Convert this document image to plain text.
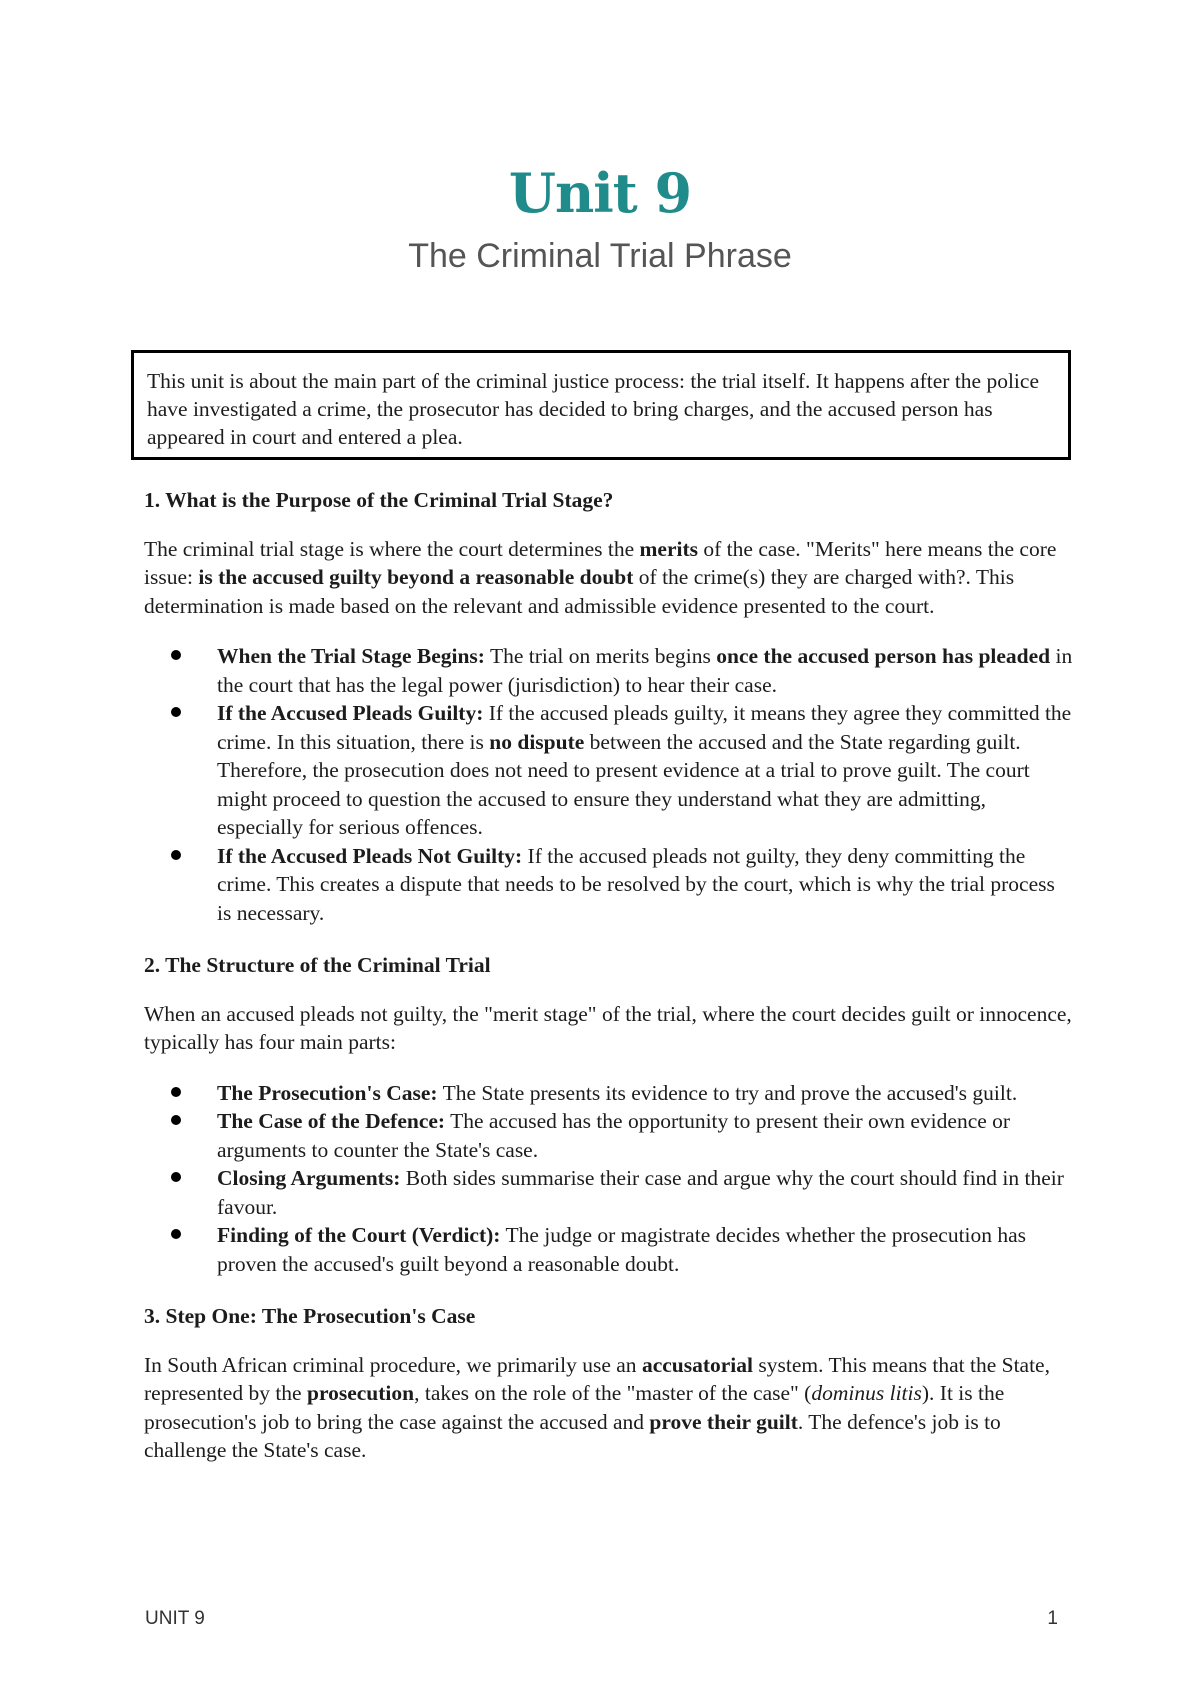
Unit 9
The Criminal Trial Phrase
This unit is about the main part of the criminal justice process: the trial itself. It happens after the police have investigated a crime, the prosecutor has decided to bring charges, and the accused person has appeared in court and entered a plea.
1. What is the Purpose of the Criminal Trial Stage?

The criminal trial stage is where the court determines the merits of the case. "Merits" here means the core issue: is the accused guilty beyond a reasonable doubt of the crime(s) they are charged with?. This determination is made based on the relevant and admissible evidence presented to the court.

When the Trial Stage Begins: The trial on merits begins once the accused person has pleaded in the court that has the legal power (jurisdiction) to hear their case.
If the Accused Pleads Guilty: If the accused pleads guilty, it means they agree they committed the crime. In this situation, there is no dispute between the accused and the State regarding guilt. Therefore, the prosecution does not need to present evidence at a trial to prove guilt. The court might proceed to question the accused to ensure they understand what they are admitting, especially for serious offences.
If the Accused Pleads Not Guilty: If the accused pleads not guilty, they deny committing the crime. This creates a dispute that needs to be resolved by the court, which is why the trial process is necessary.
2. The Structure of the Criminal Trial

When an accused pleads not guilty, the "merit stage" of the trial, where the court decides guilt or innocence, typically has four main parts:

The Prosecution's Case: The State presents its evidence to try and prove the accused's guilt.
The Case of the Defence: The accused has the opportunity to present their own evidence or arguments to counter the State's case.
Closing Arguments: Both sides summarise their case and argue why the court should find in their favour.
Finding of the Court (Verdict): The judge or magistrate decides whether the prosecution has proven the accused's guilt beyond a reasonable doubt.
3. Step One: The Prosecution's Case

In South African criminal procedure, we primarily use an accusatorial system. This means that the State, represented by the prosecution, takes on the role of the "master of the case" (dominus litis). It is the prosecution's job to bring the case against the accused and prove their guilt. The defence's job is to challenge the State's case.

UNIT 9	1
